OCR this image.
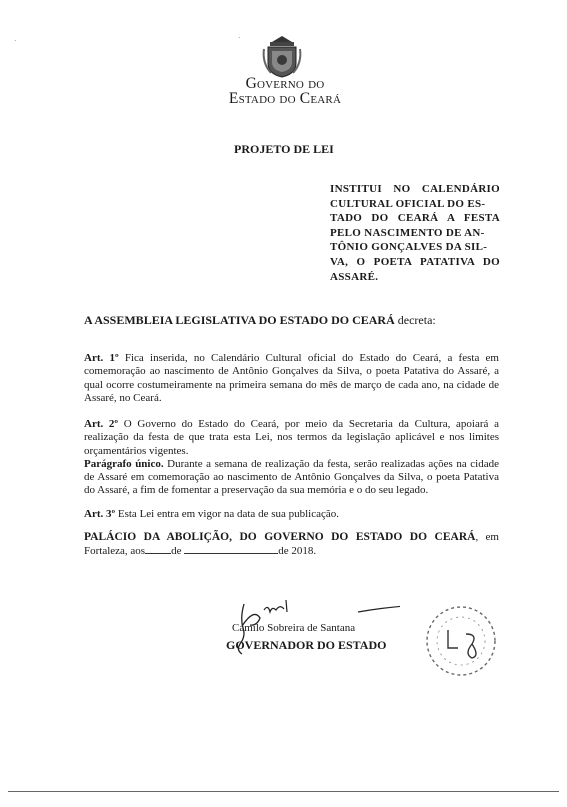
.	.
Governo do
Estado do Ceará
PROJETO DE LEI
INSTITUI NO CALENDÁRIO CULTURAL OFICIAL DO ES-
TADO DO CEARÁ A FESTA PELO NASCIMENTO DE AN-
TÔNIO GONÇALVES DA SIL-
VA, O POETA PATATIVA DO ASSARÉ.
A ASSEMBLEIA LEGISLATIVA DO ESTADO DO CEARÁ decreta:
Art. 1º Fica inserida, no Calendário Cultural oficial do Estado do Ceará, a festa em comemoração ao nascimento de Antônio Gonçalves da Silva, o poeta Patativa do Assaré, a qual ocorre costumeiramente na primeira semana do mês de março de cada ano, na cidade de Assaré, no Ceará.
Art. 2º O Governo do Estado do Ceará, por meio da Secretaria da Cultura, apoiará a realização da festa de que trata esta Lei, nos termos da legislação aplicável e nos limites orçamentários vigentes.
Parágrafo único. Durante a semana de realização da festa, serão realizadas ações na cidade de Assaré em comemoração ao nascimento de Antônio Gonçalves da Silva, o poeta Patativa do Assaré, a fim de fomentar a preservação da sua memória e o do seu legado.
Art. 3º Esta Lei entra em vigor na data de sua publicação.
PALÁCIO DA ABOLIÇÃO, DO GOVERNO DO ESTADO DO CEARÁ, em Fortaleza, aos de	de 2018.
Camilo Sobreira de Santana
GOVERNADOR DO ESTADO
